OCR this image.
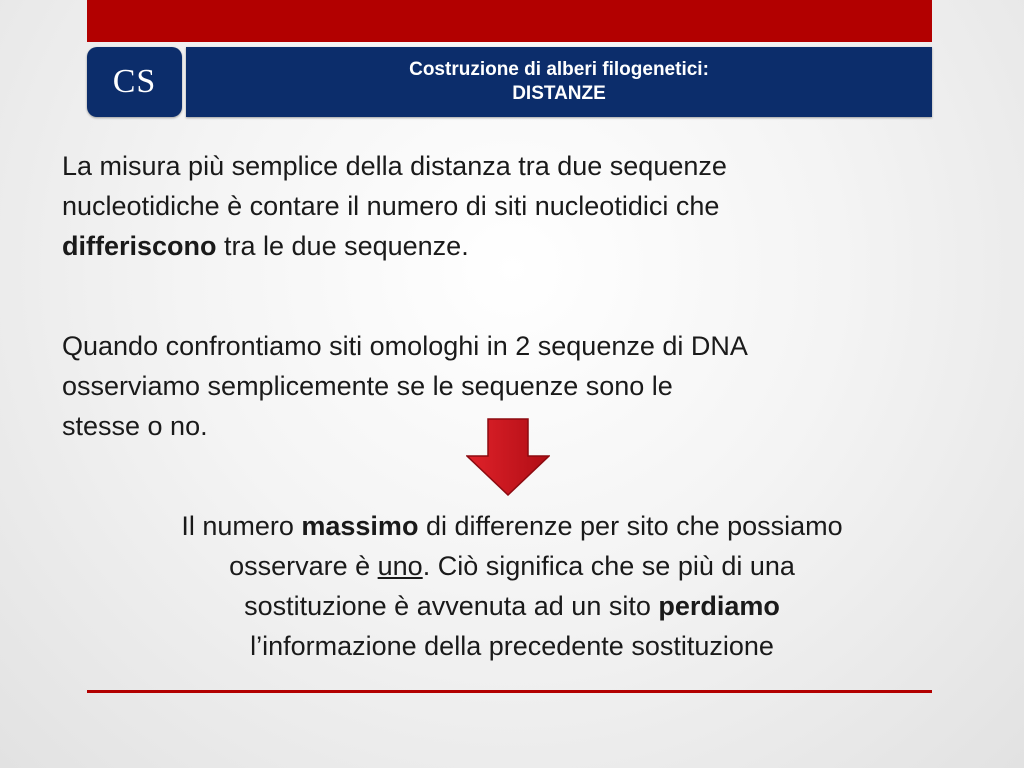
CS	Costruzione di alberi filogenetici:
DISTANZE

La misura più semplice della distanza tra due sequenze
nucleotidiche è contare il numero di siti nucleotidici che
differiscono tra le due sequenze.

Quando confrontiamo siti omologhi in 2 sequenze di DNA
osserviamo semplicemente se le sequenze sono le
stesse o no.

Il numero massimo di differenze per sito che possiamo
osservare è uno. Ciò significa che se più di una
sostituzione è avvenuta ad un sito perdiamo
l’informazione della precedente sostituzione
